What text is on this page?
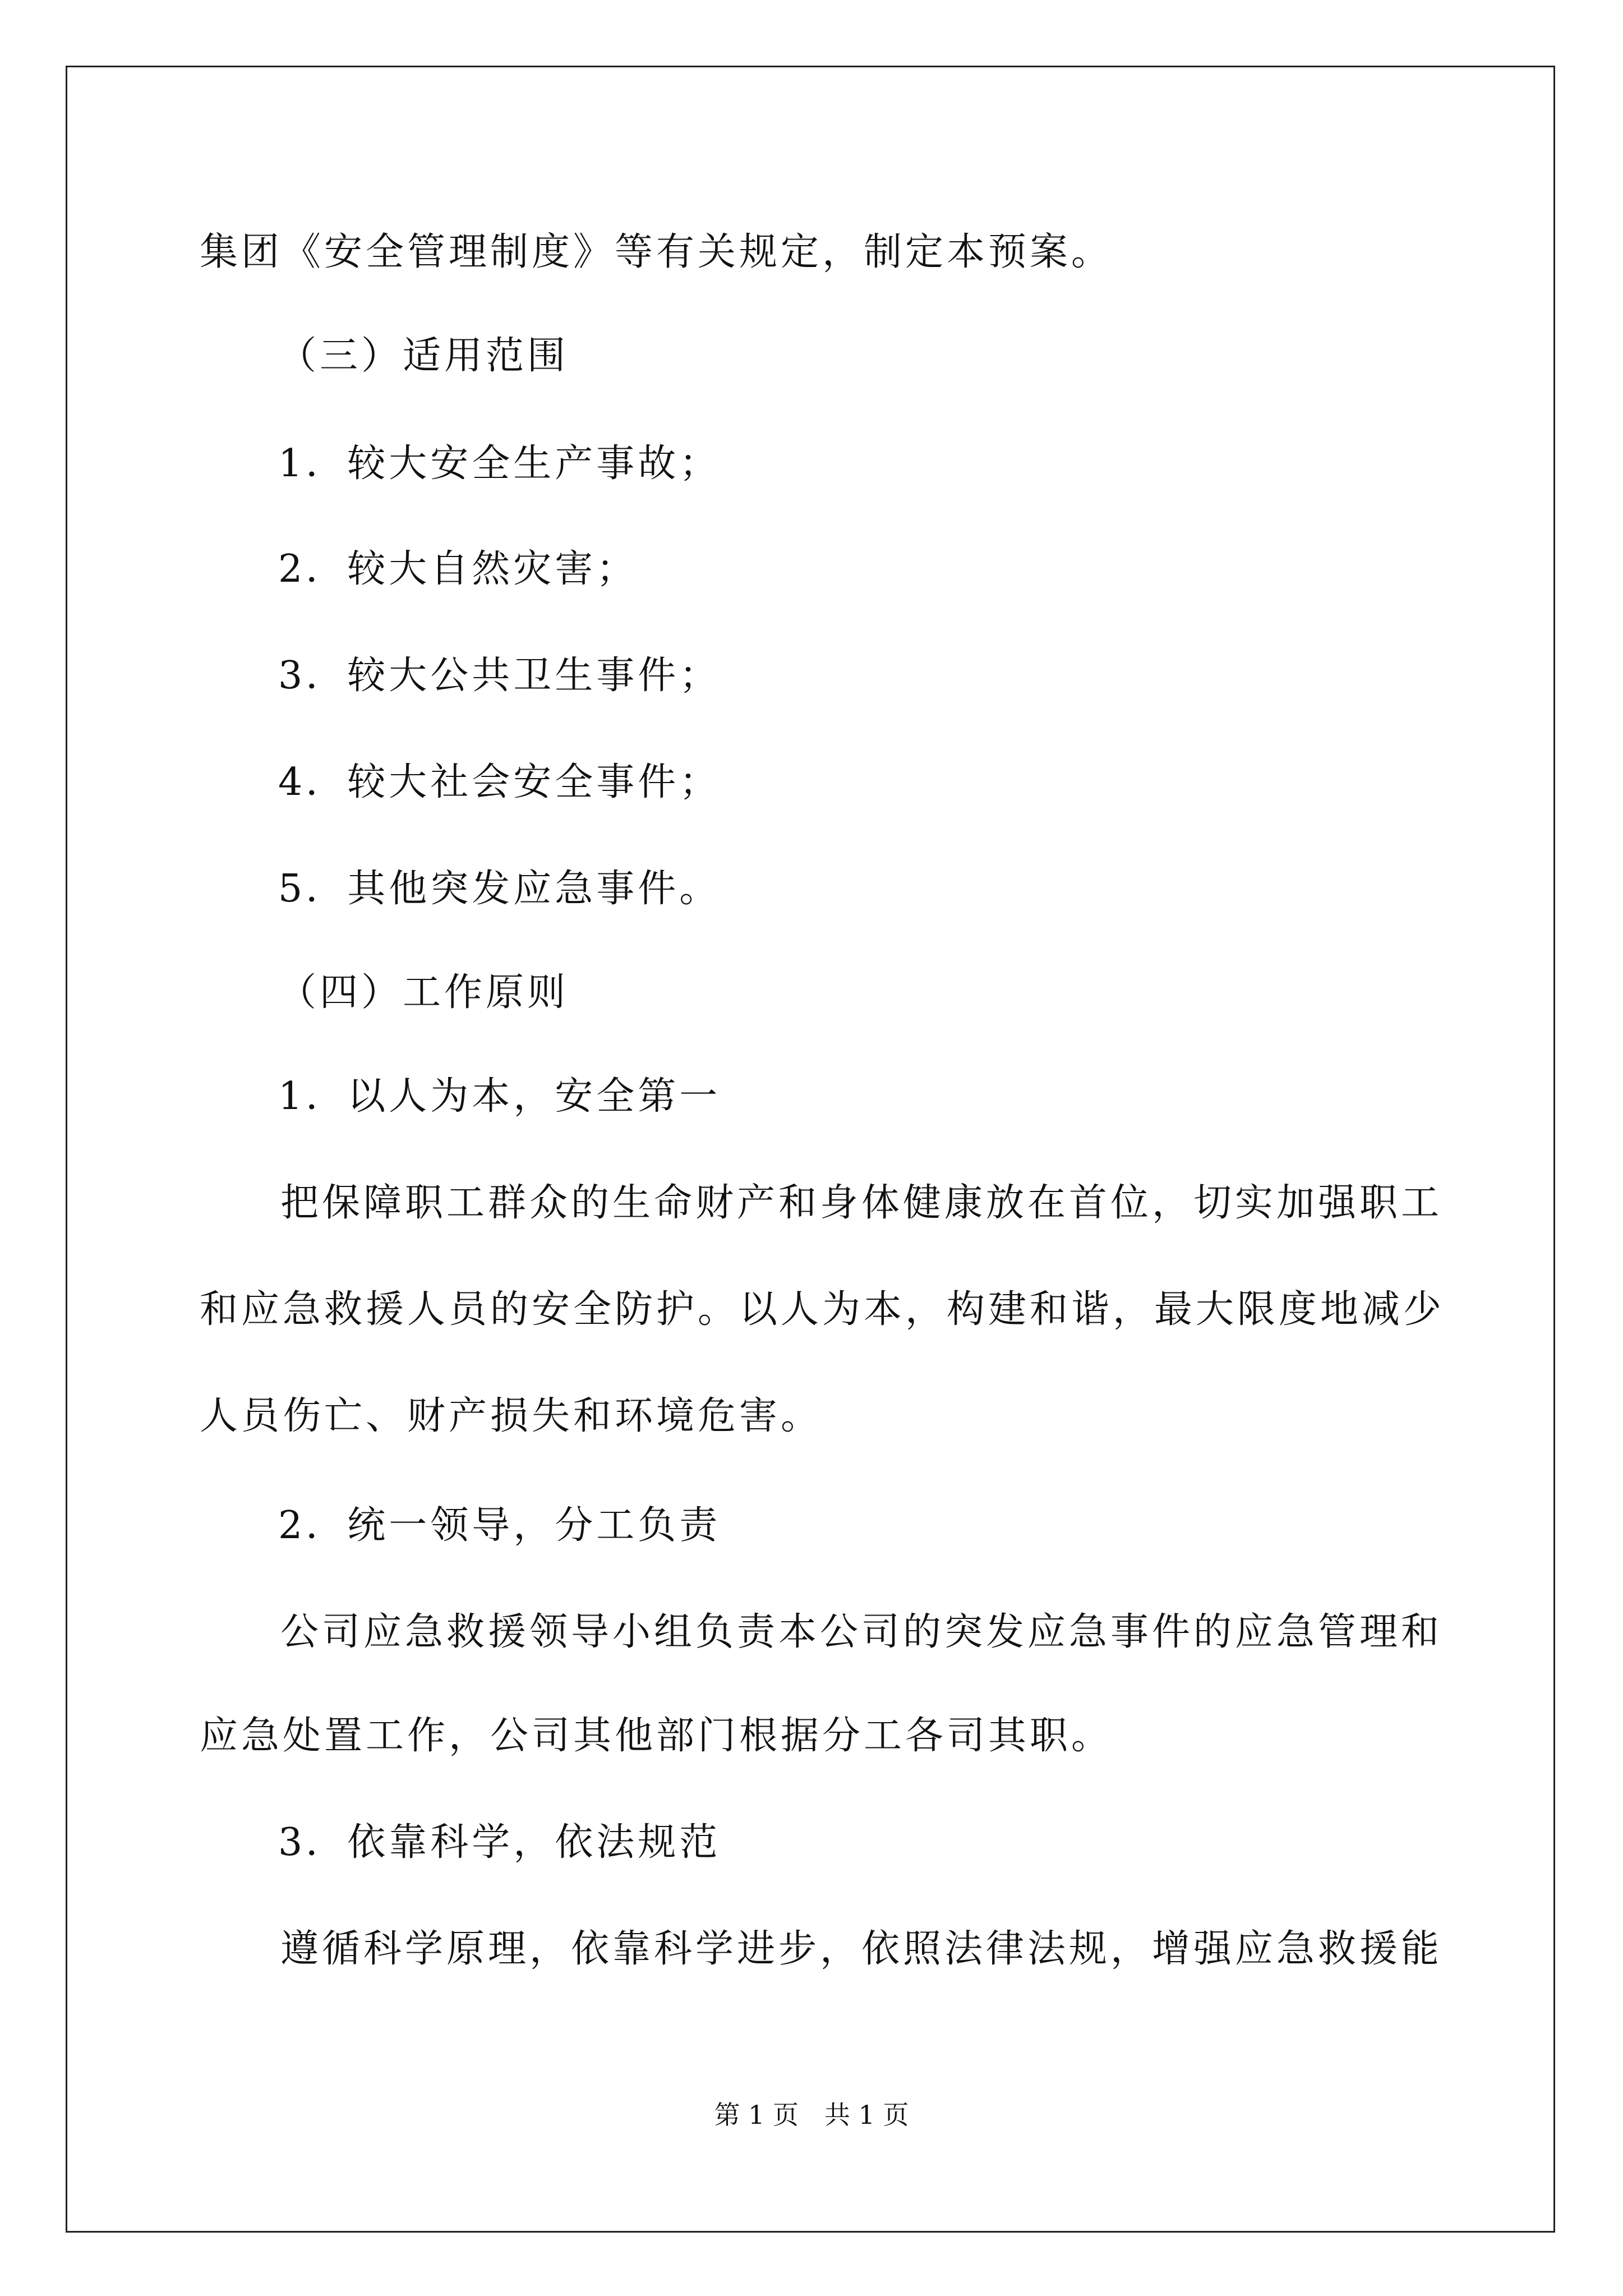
集团《安全管理制度》等有关规定，制定本预案。
（三）适用范围
1．较大安全生产事故；
2．较大自然灾害；
3．较大公共卫生事件；
4．较大社会安全事件；
5．其他突发应急事件。
（四）工作原则
1．以人为本，安全第一
把保障职工群众的生命财产和身体健康放在首位，切实加强职工
和应急救援人员的安全防护。以人为本，构建和谐，最大限度地减少
人员伤亡、财产损失和环境危害。
2．统一领导，分工负责
公司应急救援领导小组负责本公司的突发应急事件的应急管理和
应急处置工作，公司其他部门根据分工各司其职。
3．依靠科学，依法规范
遵循科学原理，依靠科学进步，依照法律法规，增强应急救援能
第 1 页　共 1 页
